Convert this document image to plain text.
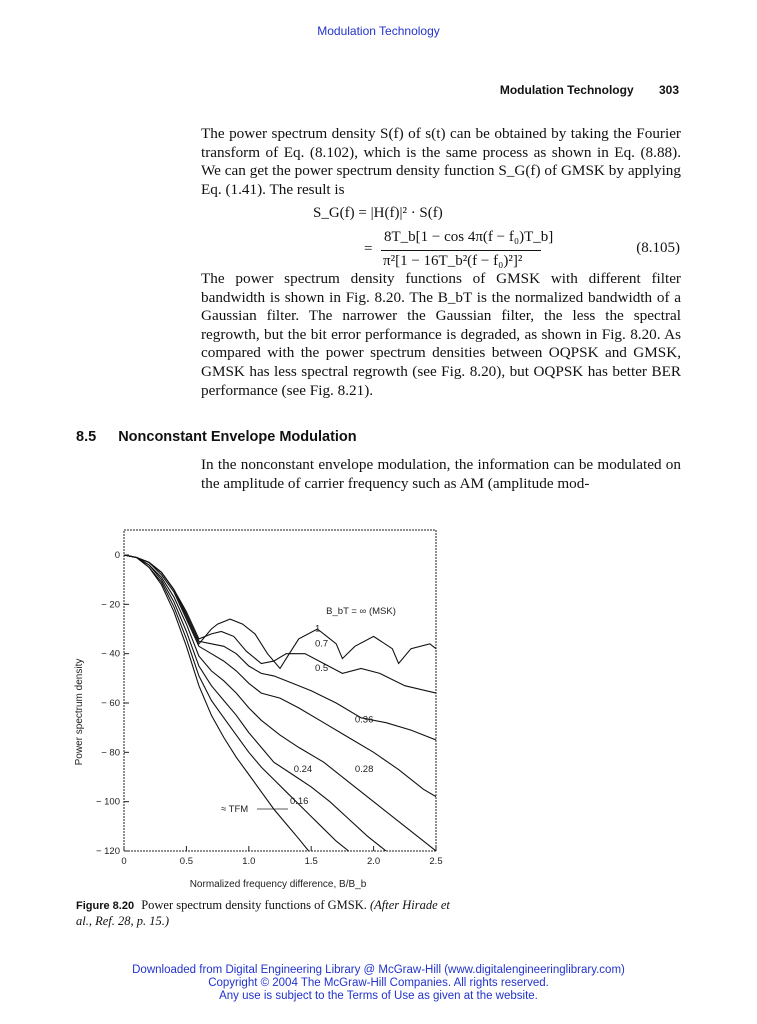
Modulation Technology
Modulation Technology 303
The power spectrum density S(f) of s(t) can be obtained by taking the Fourier transform of Eq. (8.102), which is the same process as shown in Eq. (8.88). We can get the power spectrum density function S_G(f) of GMSK by applying Eq. (1.41). The result is
S_G(f) = |H(f)|² · S(f)
=
8T_b[1 − cos 4π(f − f₀)T_b]
π²[1 − 16T_b²(f − f₀)²]²
(8.105)
The power spectrum density functions of GMSK with different filter bandwidth is shown in Fig. 8.20. The B_bT is the normalized bandwidth of a Gaussian filter. The narrower the Gaussian filter, the less the spectral regrowth, but the bit error performance is degraded, as shown in Fig. 8.20. As compared with the power spectrum densities between OQPSK and GMSK, GMSK has less spectral regrowth (see Fig. 8.20), but OQPSK has better BER performance (see Fig. 8.21).
8.5 Nonconstant Envelope Modulation
In the nonconstant envelope modulation, the information can be modulated on the amplitude of carrier frequency such as AM (amplitude mod-
0	0.5	1.0	1.5	2.0	2.5
0
− 20
− 40
− 60
− 80
− 100
− 120
B_bT = ∞ (MSK)
1
0.7
0.5
0.36
0.28
0.24
0.16
Normalized frequency difference, B/B_b
Power spectrum density
≈ TFM
Figure 8.20 Power spectrum density functions of GMSK. (After Hirade et al., Ref. 28, p. 15.)
Downloaded from Digital Engineering Library @ McGraw-Hill (www.digitalengineeringlibrary.com)
Copyright © 2004 The McGraw-Hill Companies. All rights reserved.
Any use is subject to the Terms of Use as given at the website.
